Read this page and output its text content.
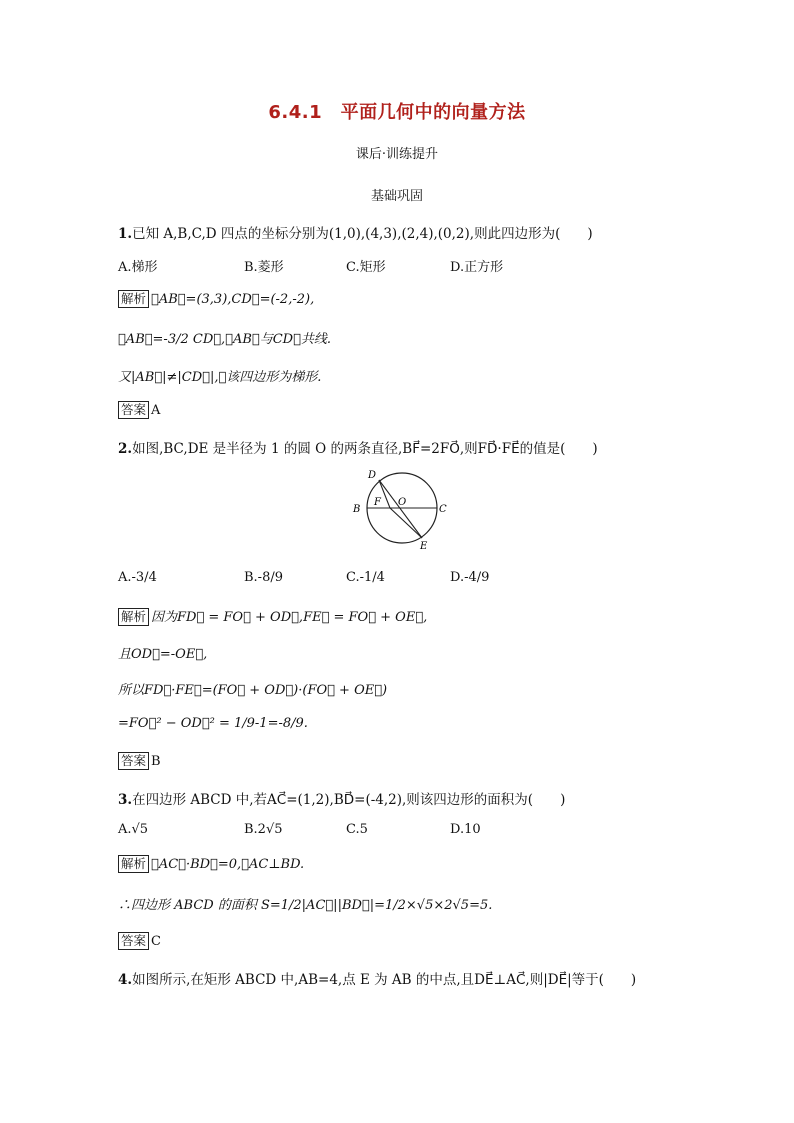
6.4.1　平面几何中的向量方法
课后·训练提升
基础巩固
1.已知 A,B,C,D 四点的坐标分别为(1,0),(4,3),(2,4),(0,2),则此四边形为(　　)
A.梯形	B.菱形	C.矩形	D.正方形
解析 ∵AB⃗=(3,3),CD⃗=(-2,-2),
∴AB⃗=-3/2 CD⃗,∴AB⃗与CD⃗共线.
又|AB⃗|≠|CD⃗|,∴该四边形为梯形.
答案 A
2.如图,BC,DE 是半径为 1 的圆 O 的两条直径,BF⃗=2FO⃗,则FD⃗·FE⃗的值是(　　)
D
B
F O
C
E
A.-3/4	B.-8/9	C.-1/4	D.-4/9
解析 因为FD⃗ = FO⃗ + OD⃗,FE⃗ = FO⃗ + OE⃗,
且OD⃗=-OE⃗,
所以FD⃗·FE⃗=(FO⃗ + OD⃗)·(FO⃗ + OE⃗)
=FO⃗² − OD⃗² = 1/9-1=-8/9.
答案 B
3.在四边形 ABCD 中,若AC⃗=(1,2),BD⃗=(-4,2),则该四边形的面积为(　　)
A.√5	B.2√5	C.5	D.10
解析 ∵AC⃗·BD⃗=0,∴AC⊥BD.
∴四边形 ABCD 的面积 S=1/2|AC⃗||BD⃗|=1/2×√5×2√5=5.
答案 C
4.如图所示,在矩形 ABCD 中,AB=4,点 E 为 AB 的中点,且DE⃗⊥AC⃗,则|DE⃗|等于(　　)
